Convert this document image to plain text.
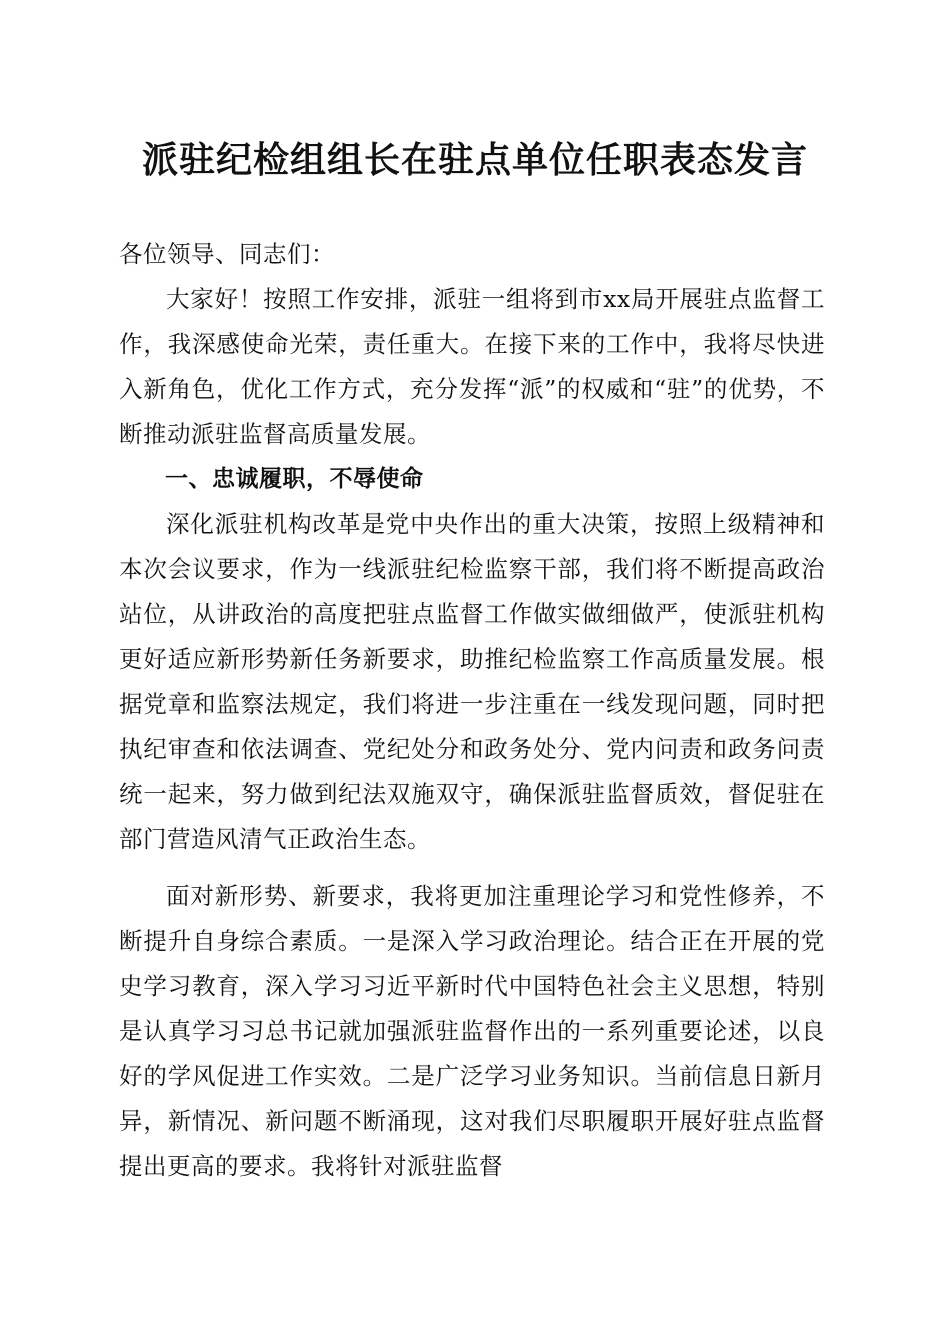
派驻纪检组组长在驻点单位任职表态发言

各位领导、同志们：

大家好！按照工作安排，派驻一组将到市xx局开展驻点监督工作，我深感使命光荣，责任重大。在接下来的工作中，我将尽快进入新角色，优化工作方式，充分发挥“派”的权威和“驻”的优势，不断推动派驻监督高质量发展。

一、忠诚履职，不辱使命

深化派驻机构改革是党中央作出的重大决策，按照上级精神和本次会议要求，作为一线派驻纪检监察干部，我们将不断提高政治站位，从讲政治的高度把驻点监督工作做实做细做严，使派驻机构更好适应新形势新任务新要求，助推纪检监察工作高质量发展。根据党章和监察法规定，我们将进一步注重在一线发现问题，同时把执纪审查和依法调查、党纪处分和政务处分、党内问责和政务问责统一起来，努力做到纪法双施双守，确保派驻监督质效，督促驻在部门营造风清气正政治生态。

面对新形势、新要求，我将更加注重理论学习和党性修养，不断提升自身综合素质。一是深入学习政治理论。结合正在开展的党史学习教育，深入学习习近平新时代中国特色社会主义思想，特别是认真学习习总书记就加强派驻监督作出的一系列重要论述，以良好的学风促进工作实效。二是广泛学习业务知识。当前信息日新月异，新情况、新问题不断涌现，这对我们尽职履职开展好驻点监督提出更高的要求。我将针对派驻监督
